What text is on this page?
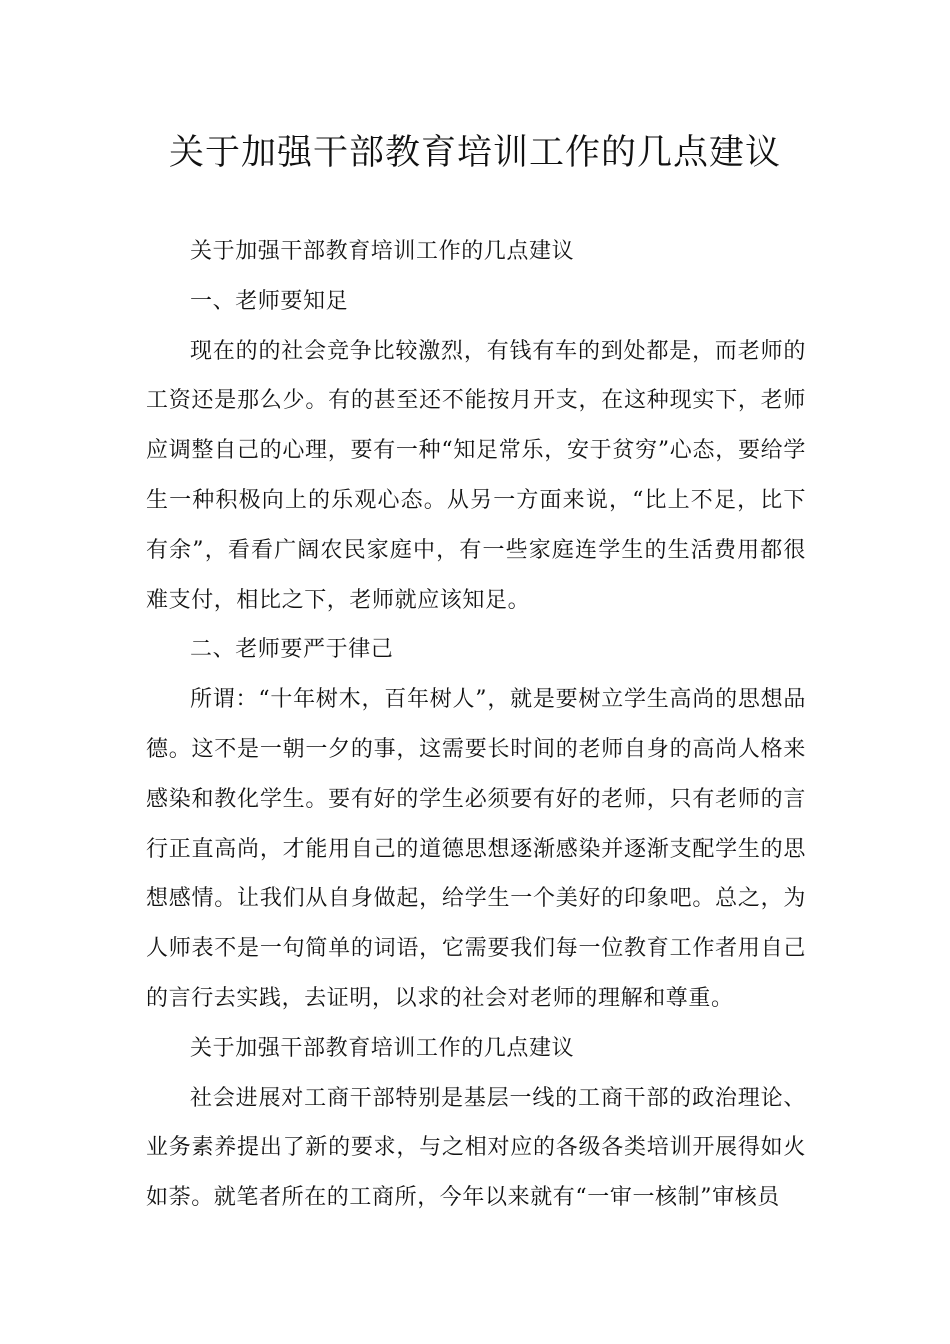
关于加强干部教育培训工作的几点建议

关于加强干部教育培训工作的几点建议

一、老师要知足

现在的的社会竞争比较激烈，有钱有车的到处都是，而老师的工资还是那么少。有的甚至还不能按月开支，在这种现实下，老师应调整自己的心理，要有一种“知足常乐，安于贫穷”心态，要给学生一种积极向上的乐观心态。从另一方面来说，“比上不足，比下有余”，看看广阔农民家庭中，有一些家庭连学生的生活费用都很难支付，相比之下，老师就应该知足。

二、老师要严于律己

所谓：“十年树木，百年树人”，就是要树立学生高尚的思想品德。这不是一朝一夕的事，这需要长时间的老师自身的高尚人格来感染和教化学生。要有好的学生必须要有好的老师，只有老师的言行正直高尚，才能用自己的道德思想逐渐感染并逐渐支配学生的思想感情。让我们从自身做起，给学生一个美好的印象吧。总之，为人师表不是一句简单的词语，它需要我们每一位教育工作者用自己的言行去实践，去证明，以求的社会对老师的理解和尊重。

关于加强干部教育培训工作的几点建议

社会进展对工商干部特别是基层一线的工商干部的政治理论、业务素养提出了新的要求，与之相对应的各级各类培训开展得如火如荼。就笔者所在的工商所，今年以来就有“一审一核制”审核员
